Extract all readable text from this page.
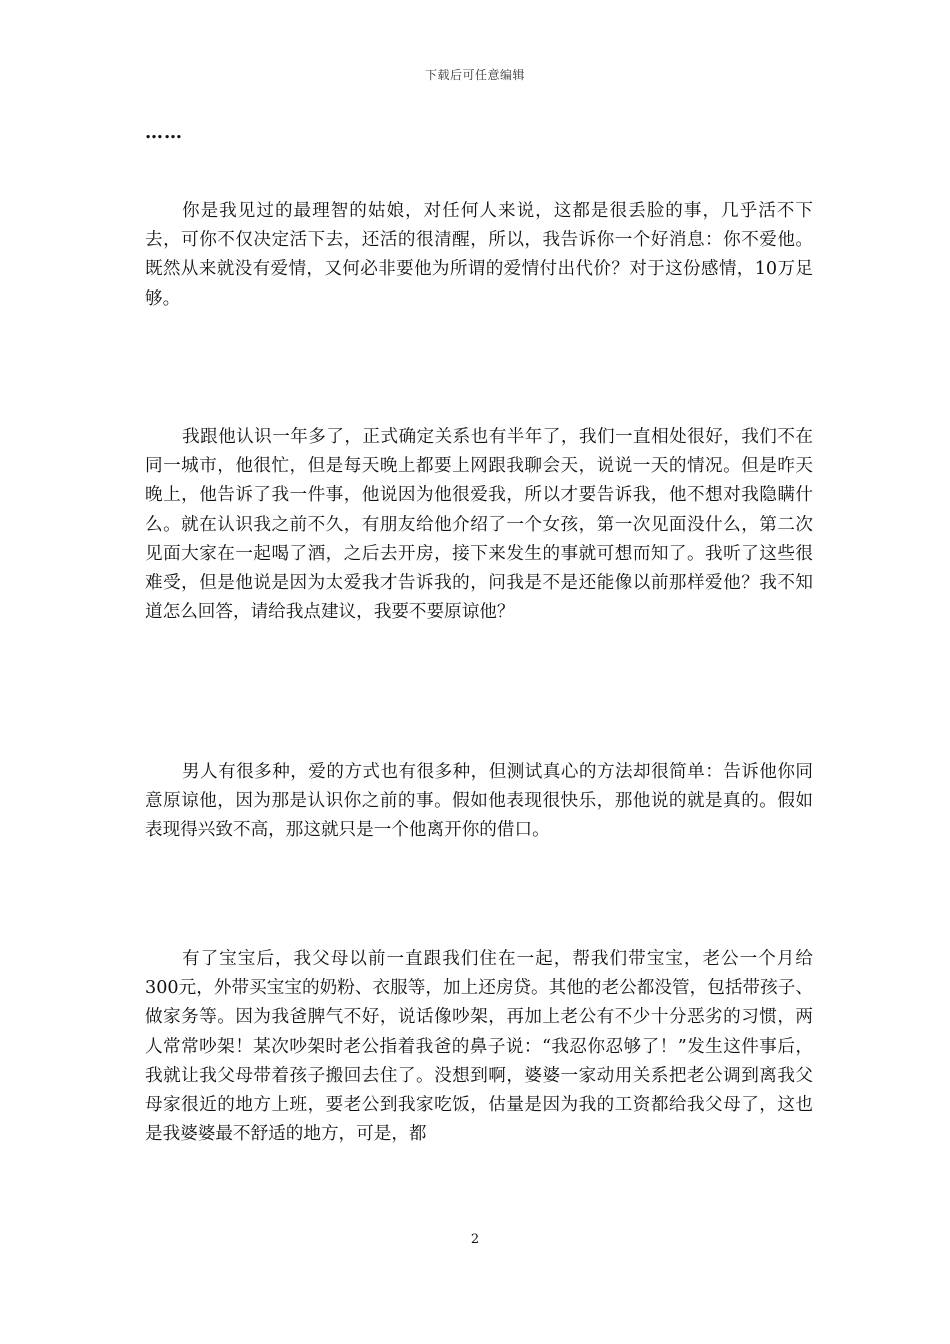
下载后可任意编辑
……

你是我见过的最理智的姑娘，对任何人来说，这都是很丢脸的事，几乎活不下去，可你不仅决定活下去，还活的很清醒，所以，我告诉你一个好消息：你不爱他。既然从来就没有爱情，又何必非要他为所谓的爱情付出代价？对于这份感情，10万足够。

我跟他认识一年多了，正式确定关系也有半年了，我们一直相处很好，我们不在同一城市，他很忙，但是每天晚上都要上网跟我聊会天，说说一天的情况。但是昨天晚上，他告诉了我一件事，他说因为他很爱我，所以才要告诉我，他不想对我隐瞒什么。就在认识我之前不久，有朋友给他介绍了一个女孩，第一次见面没什么，第二次见面大家在一起喝了酒，之后去开房，接下来发生的事就可想而知了。我听了这些很难受，但是他说是因为太爱我才告诉我的，问我是不是还能像以前那样爱他？我不知道怎么回答，请给我点建议，我要不要原谅他？

男人有很多种，爱的方式也有很多种，但测试真心的方法却很简单：告诉他你同意原谅他，因为那是认识你之前的事。假如他表现很快乐，那他说的就是真的。假如表现得兴致不高，那这就只是一个他离开你的借口。

有了宝宝后，我父母以前一直跟我们住在一起，帮我们带宝宝，老公一个月给300元，外带买宝宝的奶粉、衣服等，加上还房贷。其他的老公都没管，包括带孩子、做家务等。因为我爸脾气不好，说话像吵架，再加上老公有不少十分恶劣的习惯，两人常常吵架！某次吵架时老公指着我爸的鼻子说：“我忍你忍够了！”发生这件事后，我就让我父母带着孩子搬回去住了。没想到啊，婆婆一家动用关系把老公调到离我父母家很近的地方上班，要老公到我家吃饭，估量是因为我的工资都给我父母了，这也是我婆婆最不舒适的地方，可是，都

2
